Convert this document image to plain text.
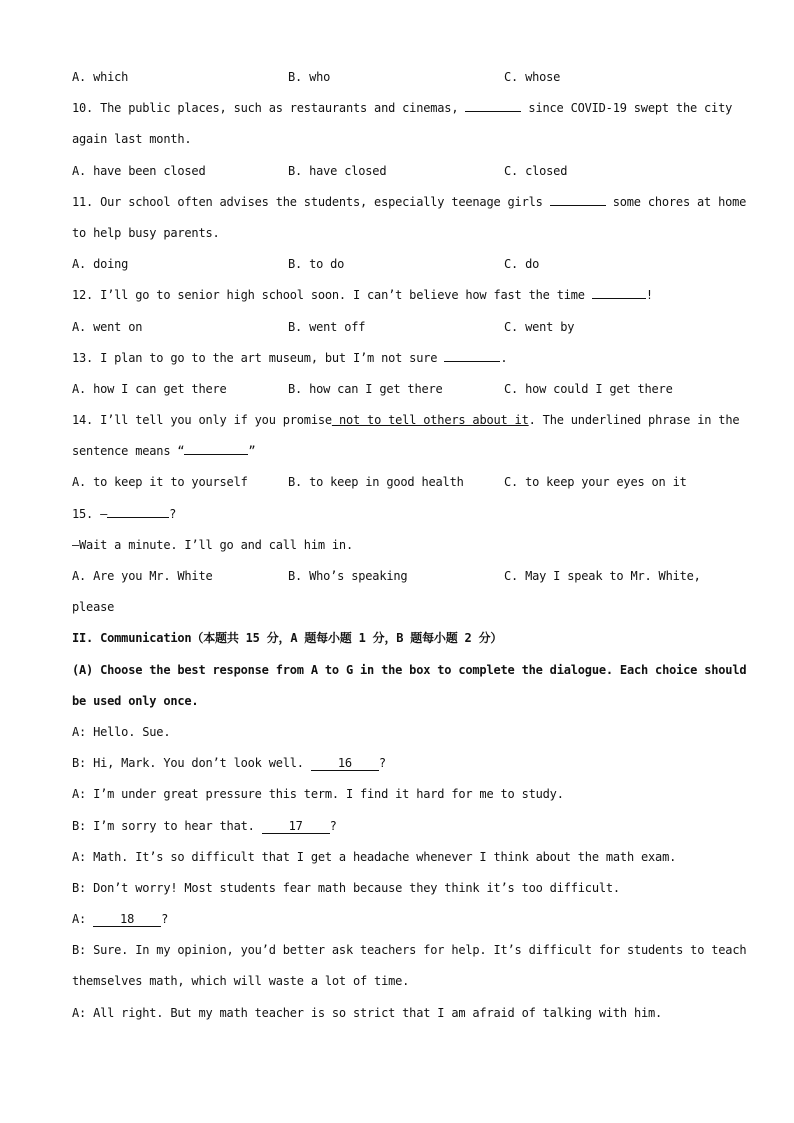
A. which	B. who	C. whose
10. The public places, such as restaurants and cinemas,	since COVID-19 swept the city
again last month.
A. have been closed	B. have closed	C. closed
11. Our school often advises the students, especially teenage girls	some chores at home
to help busy parents.
A. doing	B. to do	C. do
12. I’ll go to senior high school soon. I can’t believe how fast the time	!
A. went on	B. went off	C. went by
13. I plan to go to the art museum, but I’m not sure	.
A. how I can get there	B. how can I get there	C. how could I get there
14. I’ll tell you only if you promise not to tell others about it. The underlined phrase in the
sentence means “	”
A. to keep it to yourself	B. to keep in good health	C. to keep your eyes on it
15. —	?
—Wait a minute. I’ll go and call him in.
A. Are you Mr. White	B. Who’s speaking	C. May I speak to Mr. White,
please
II. Communication（本题共 15 分，A 题每小题 1 分，B 题每小题 2 分）
(A) Choose the best response from A to G in the box to complete the dialogue. Each choice should
be used only once.
A: Hello. Sue.
B: Hi, Mark. You don’t look well. 16 ?
A: I’m under great pressure this term. I find it hard for me to study.
B: I’m sorry to hear that. 17 ?
A: Math. It’s so difficult that I get a headache whenever I think about the math exam.
B: Don’t worry! Most students fear math because they think it’s too difficult.
A: 18 ?
B: Sure. In my opinion, you’d better ask teachers for help. It’s difficult for students to teach
themselves math, which will waste a lot of time.
A: All right. But my math teacher is so strict that I am afraid of talking with him.
